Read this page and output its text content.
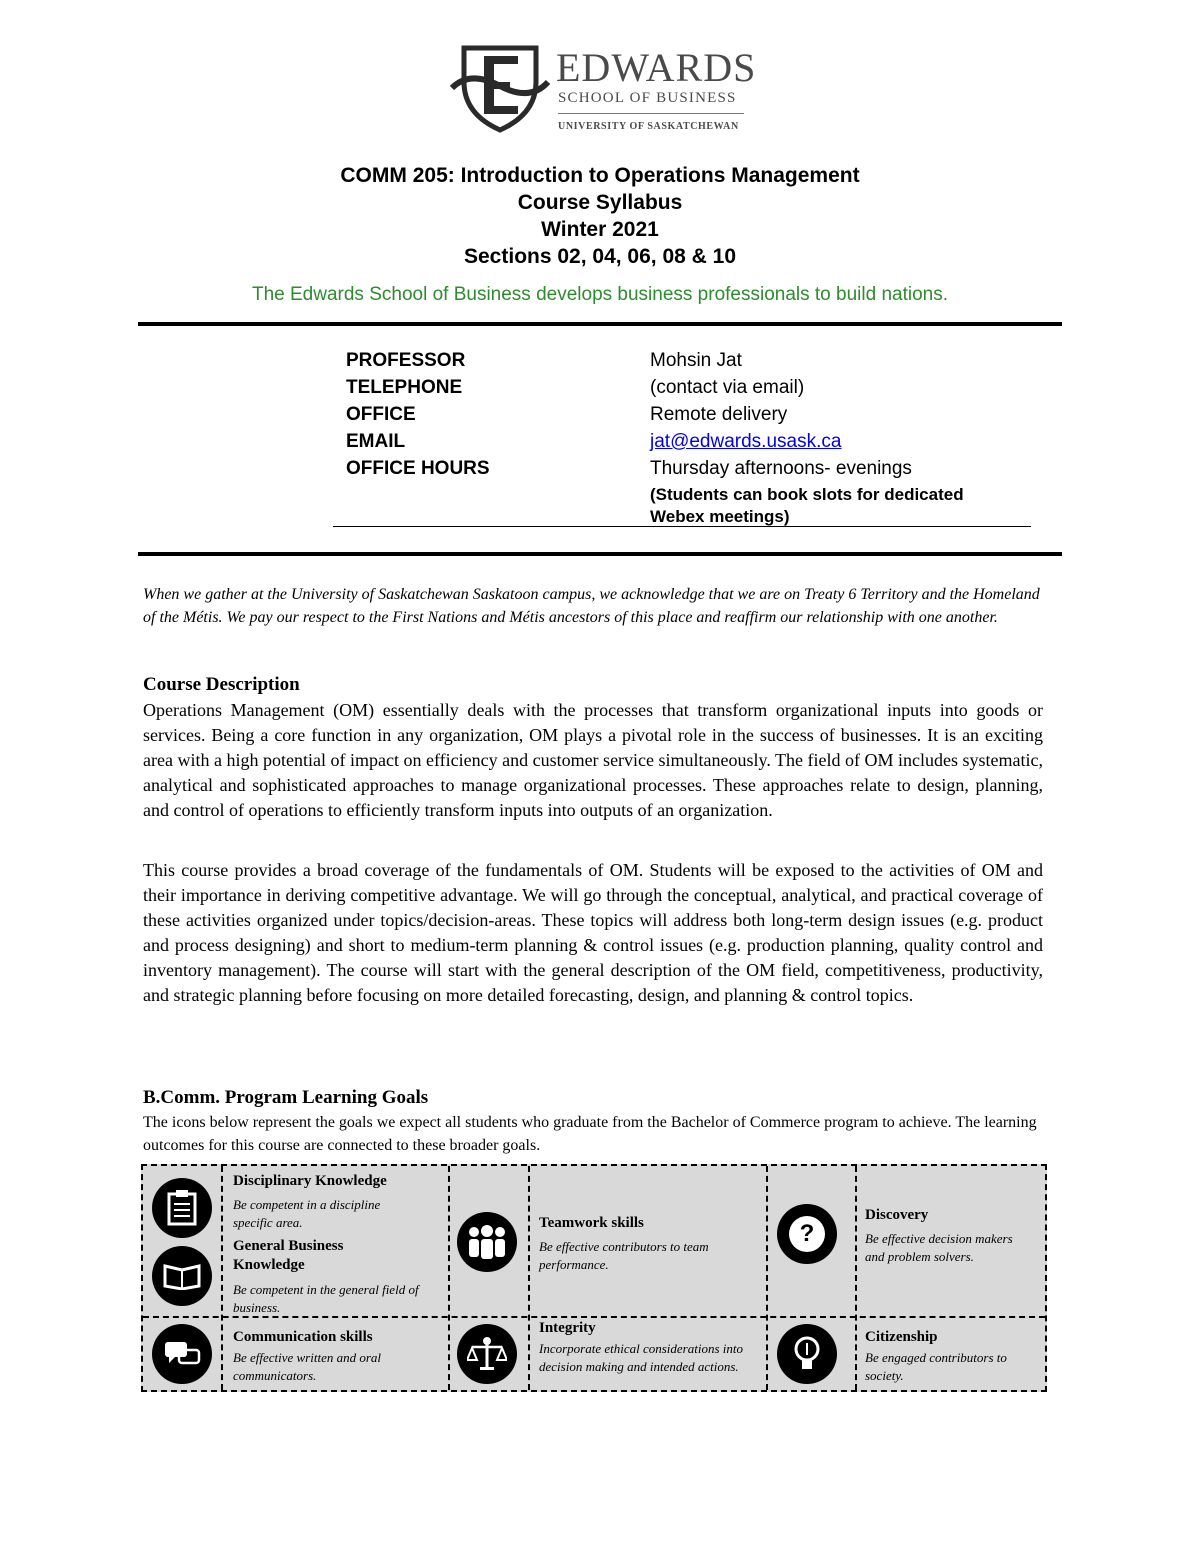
EDWARDS
SCHOOL OF BUSINESS
UNIVERSITY OF SASKATCHEWAN
COMM 205: Introduction to Operations Management
Course Syllabus
Winter 2021
Sections 02, 04, 06, 08 & 10
The Edwards School of Business develops business professionals to build nations.
PROFESSOR	Mohsin Jat
TELEPHONE	(contact via email)
OFFICE	Remote delivery
EMAIL	jat@edwards.usask.ca
OFFICE HOURS	Thursday afternoons- evenings
(Students can book slots for dedicated
Webex meetings)
When we gather at the University of Saskatchewan Saskatoon campus, we acknowledge that we are on Treaty 6 Territory and the Homeland of the Métis. We pay our respect to the First Nations and Métis ancestors of this place and reaffirm our relationship with one another.
Course Description
Operations Management (OM) essentially deals with the processes that transform organizational inputs into goods or services. Being a core function in any organization, OM plays a pivotal role in the success of businesses. It is an exciting area with a high potential of impact on efficiency and customer service simultaneously. The field of OM includes systematic, analytical and sophisticated approaches to manage organizational processes. These approaches relate to design, planning, and control of operations to efficiently transform inputs into outputs of an organization.
This course provides a broad coverage of the fundamentals of OM. Students will be exposed to the activities of OM and their importance in deriving competitive advantage. We will go through the conceptual, analytical, and practical coverage of these activities organized under topics/decision-areas. These topics will address both long-term design issues (e.g. product and process designing) and short to medium-term planning & control issues (e.g. production planning, quality control and inventory management). The course will start with the general description of the OM field, competitiveness, productivity, and strategic planning before focusing on more detailed forecasting, design, and planning & control topics.
B.Comm. Program Learning Goals
The icons below represent the goals we expect all students who graduate from the Bachelor of Commerce program to achieve. The learning outcomes for this course are connected to these broader goals.
Disciplinary Knowledge
Be competent in a discipline specific area.
General Business Knowledge
Be competent in the general field of business.
Teamwork skills
Be effective contributors to team performance.
?
Discovery
Be effective decision makers and problem solvers.
Communication skills
Be effective written and oral communicators.
Integrity
Incorporate ethical considerations into decision making and intended actions.
Citizenship
Be engaged contributors to society.
